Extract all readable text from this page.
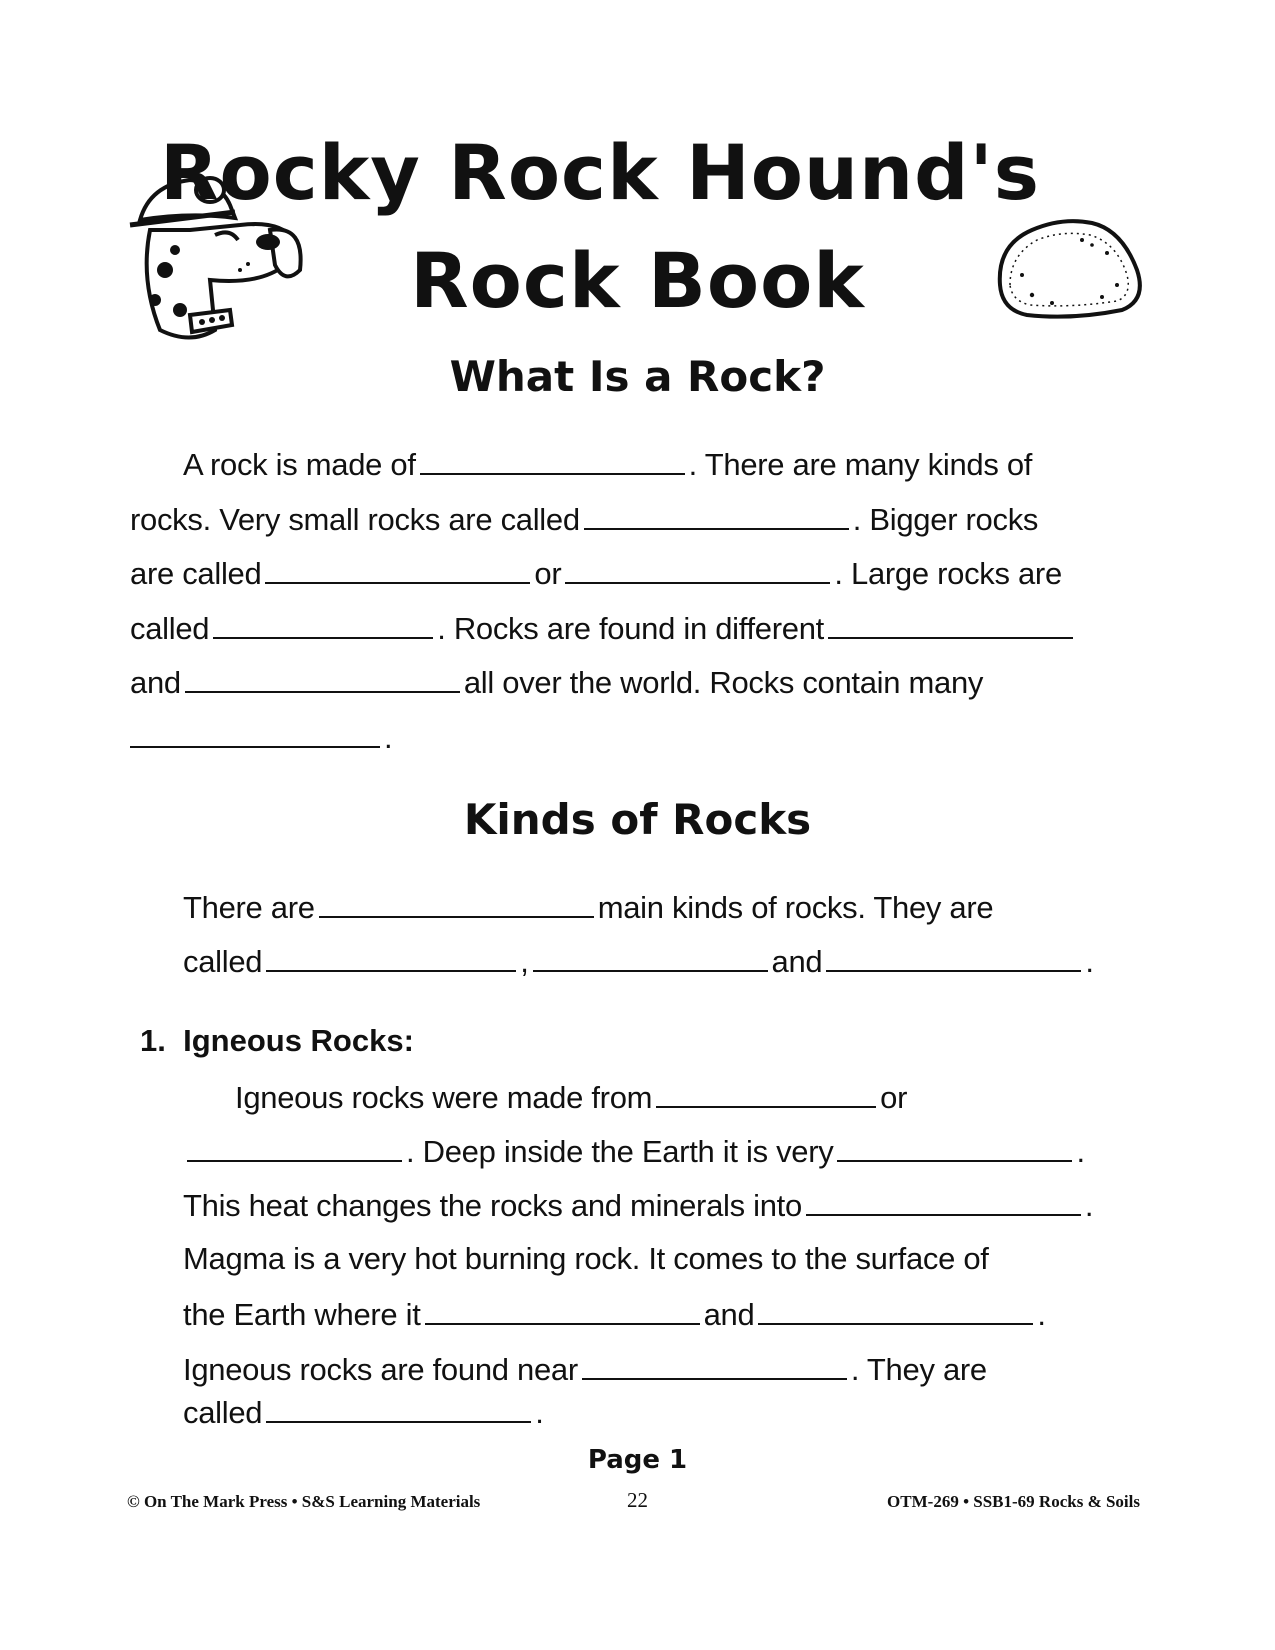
Rocky Rock Hound's
Rock Book
What Is a Rock?
A rock is made of	. There are many kinds of
rocks. Very small rocks are called	. Bigger rocks
are called	or	. Large rocks are
called	. Rocks are found in different
and	all over the world. Rocks contain many
.
Kinds of Rocks
There are	main kinds of rocks. They are
called	,	and	.
1. Igneous Rocks:
Igneous rocks were made from	or
. Deep inside the Earth it is very	.
This heat changes the rocks and minerals into	.
Magma is a very hot burning rock. It comes to the surface of
the Earth where it	and	.
Igneous rocks are found near	. They are
called	.
Page 1
© On The Mark Press • S&S Learning Materials	22	OTM-269 • SSB1-69 Rocks & Soils
